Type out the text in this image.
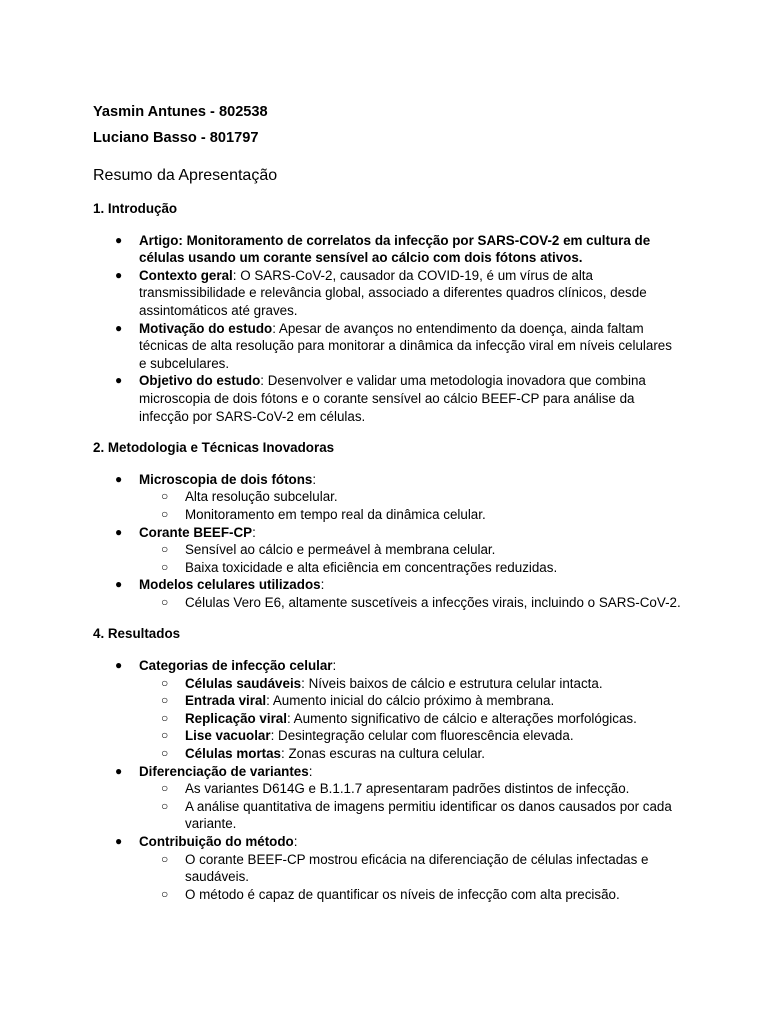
Yasmin Antunes - 802538
Luciano Basso - 801797
Resumo da Apresentação

1. Introdução

● Artigo: Monitoramento de correlatos da infecção por SARS-COV-2 em cultura de células usando um corante sensível ao cálcio com dois fótons ativos.
● Contexto geral: O SARS-CoV-2, causador da COVID-19, é um vírus de alta transmissibilidade e relevância global, associado a diferentes quadros clínicos, desde assintomáticos até graves.
● Motivação do estudo: Apesar de avanços no entendimento da doença, ainda faltam técnicas de alta resolução para monitorar a dinâmica da infecção viral em níveis celulares e subcelulares.
● Objetivo do estudo: Desenvolver e validar uma metodologia inovadora que combina microscopia de dois fótons e o corante sensível ao cálcio BEEF-CP para análise da infecção por SARS-CoV-2 em células.

2. Metodologia e Técnicas Inovadoras

● Microscopia de dois fótons:
○ Alta resolução subcelular.
○ Monitoramento em tempo real da dinâmica celular.
● Corante BEEF-CP:
○ Sensível ao cálcio e permeável à membrana celular.
○ Baixa toxicidade e alta eficiência em concentrações reduzidas.
● Modelos celulares utilizados:
○ Células Vero E6, altamente suscetíveis a infecções virais, incluindo o SARS-CoV-2.

4. Resultados

● Categorias de infecção celular:
○ Células saudáveis: Níveis baixos de cálcio e estrutura celular intacta.
○ Entrada viral: Aumento inicial do cálcio próximo à membrana.
○ Replicação viral: Aumento significativo de cálcio e alterações morfológicas.
○ Lise vacuolar: Desintegração celular com fluorescência elevada.
○ Células mortas: Zonas escuras na cultura celular.
● Diferenciação de variantes:
○ As variantes D614G e B.1.1.7 apresentaram padrões distintos de infecção.
○ A análise quantitativa de imagens permitiu identificar os danos causados por cada variante.
● Contribuição do método:
○ O corante BEEF-CP mostrou eficácia na diferenciação de células infectadas e saudáveis.
○ O método é capaz de quantificar os níveis de infecção com alta precisão.
